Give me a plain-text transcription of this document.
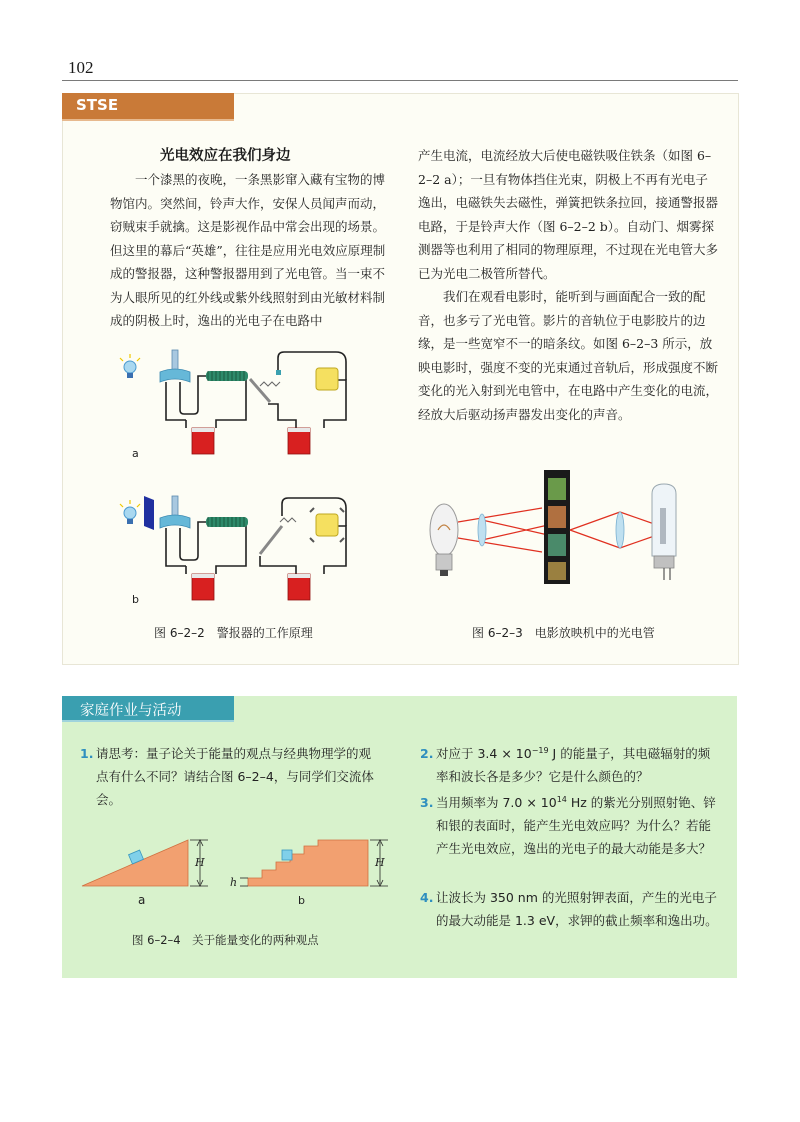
102
STSE
光电效应在我们身边

一个漆黑的夜晚，一条黑影窜入藏有宝物的博物馆内。突然间，铃声大作，安保人员闻声而动，窃贼束手就擒。这是影视作品中常会出现的场景。但这里的幕后“英雄”，往往是应用光电效应原理制成的警报器，这种警报器用到了光电管。当一束不为人眼所见的红外线或紫外线照射到由光敏材料制成的阴极上时，逸出的光电子在电路中

产生电流，电流经放大后使电磁铁吸住铁条（如图 6–2–2 a）；一旦有物体挡住光束，阴极上不再有光电子逸出，电磁铁失去磁性，弹簧把铁条拉回，接通警报器电路，于是铃声大作（图 6–2–2 b）。自动门、烟雾探测器等也利用了相同的物理原理，不过现在光电管大多已为光电二极管所替代。

我们在观看电影时，能听到与画面配合一致的配音，也多亏了光电管。影片的音轨位于电影胶片的边缘，是一些宽窄不一的暗条纹。如图 6–2–3 所示，放映电影时，强度不变的光束通过音轨后，形成强度不断变化的光入射到光电管中，在电路中产生变化的电流，经放大后驱动扬声器发出变化的声音。

a
b
图 6–2–2　警报器的工作原理	图 6–2–3　电影放映机中的光电管
家庭作业与活动
1. 请思考：量子论关于能量的观点与经典物理学的观点有什么不同？请结合图 6–2–4，与同学们交流体会。
2. 对应于 $3.4 \times 10^{-19}$ J 的能量子，其电磁辐射的频率和波长各是多少？它是什么颜色的？
3. 当用频率为 $7.0 \times 10^{14}$ Hz 的紫光分别照射铯、锌和银的表面时，能产生光电效应吗？为什么？若能产生光电效应，逸出的光电子的最大动能是多大？
4. 让波长为 350 nm 的光照射钾表面，产生的光电子的最大动能是 1.3 eV，求钾的截止频率和逸出功。
H
a
H
h
b
图 6–2–4　关于能量变化的两种观点
